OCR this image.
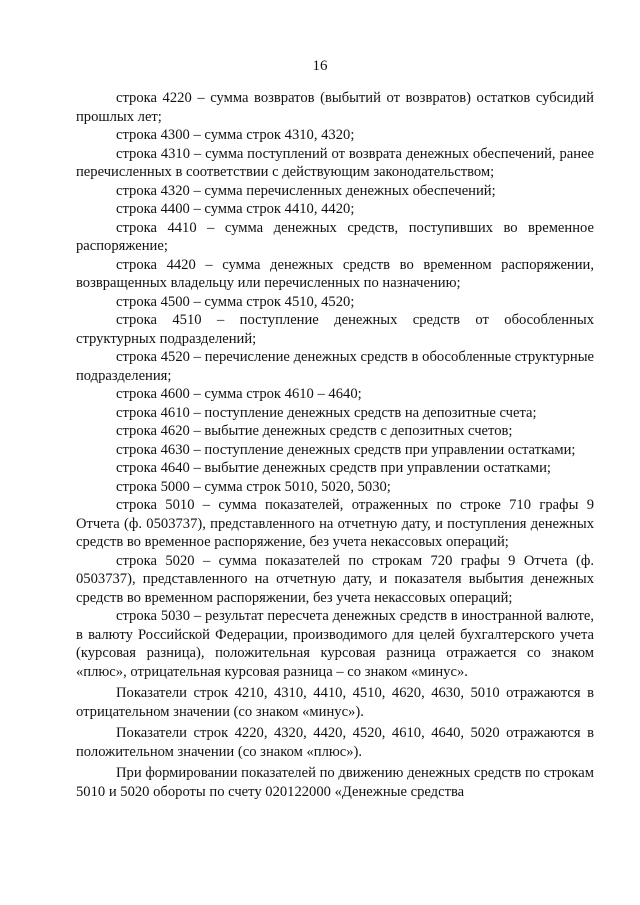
16

строка 4220 – сумма возвратов (выбытий от возвратов) остатков субсидий прошлых лет;

строка 4300 – сумма строк 4310, 4320;

строка 4310 – сумма поступлений от возврата денежных обеспечений, ранее перечисленных в соответствии с действующим законодательством;

строка 4320 – сумма перечисленных денежных обеспечений;

строка 4400 – сумма строк 4410, 4420;

строка 4410 – сумма денежных средств, поступивших во временное распоряжение;

строка 4420 – сумма денежных средств во временном распоряжении, возвращенных владельцу или перечисленных по назначению;

строка 4500 – сумма строк 4510, 4520;

строка 4510 – поступление денежных средств от обособленных структурных подразделений;

строка 4520 – перечисление денежных средств в обособленные структурные подразделения;

строка 4600 – сумма строк 4610 – 4640;

строка 4610 – поступление денежных средств на депозитные счета;

строка 4620 – выбытие денежных средств с депозитных счетов;

строка 4630 – поступление денежных средств при управлении остатками;

строка 4640 – выбытие денежных средств при управлении остатками;

строка 5000 – сумма строк 5010, 5020, 5030;

строка 5010 – сумма показателей, отраженных по строке 710 графы 9 Отчета (ф. 0503737), представленного на отчетную дату, и поступления денежных средств во временное распоряжение, без учета некассовых операций;

строка 5020 – сумма показателей по строкам 720 графы 9 Отчета (ф. 0503737), представленного на отчетную дату, и показателя выбытия денежных средств во временном распоряжении, без учета некассовых операций;

строка 5030 – результат пересчета денежных средств в иностранной валюте, в валюту Российской Федерации, производимого для целей бухгалтерского учета (курсовая разница), положительная курсовая разница отражается со знаком «плюс», отрицательная курсовая разница – со знаком «минус».

Показатели строк 4210, 4310, 4410, 4510, 4620, 4630, 5010 отражаются в отрицательном значении (со знаком «минус»).

Показатели строк 4220, 4320, 4420, 4520, 4610, 4640, 5020 отражаются в положительном значении (со знаком «плюс»).

При формировании показателей по движению денежных средств по строкам 5010 и 5020 обороты по счету 020122000 «Денежные средства
